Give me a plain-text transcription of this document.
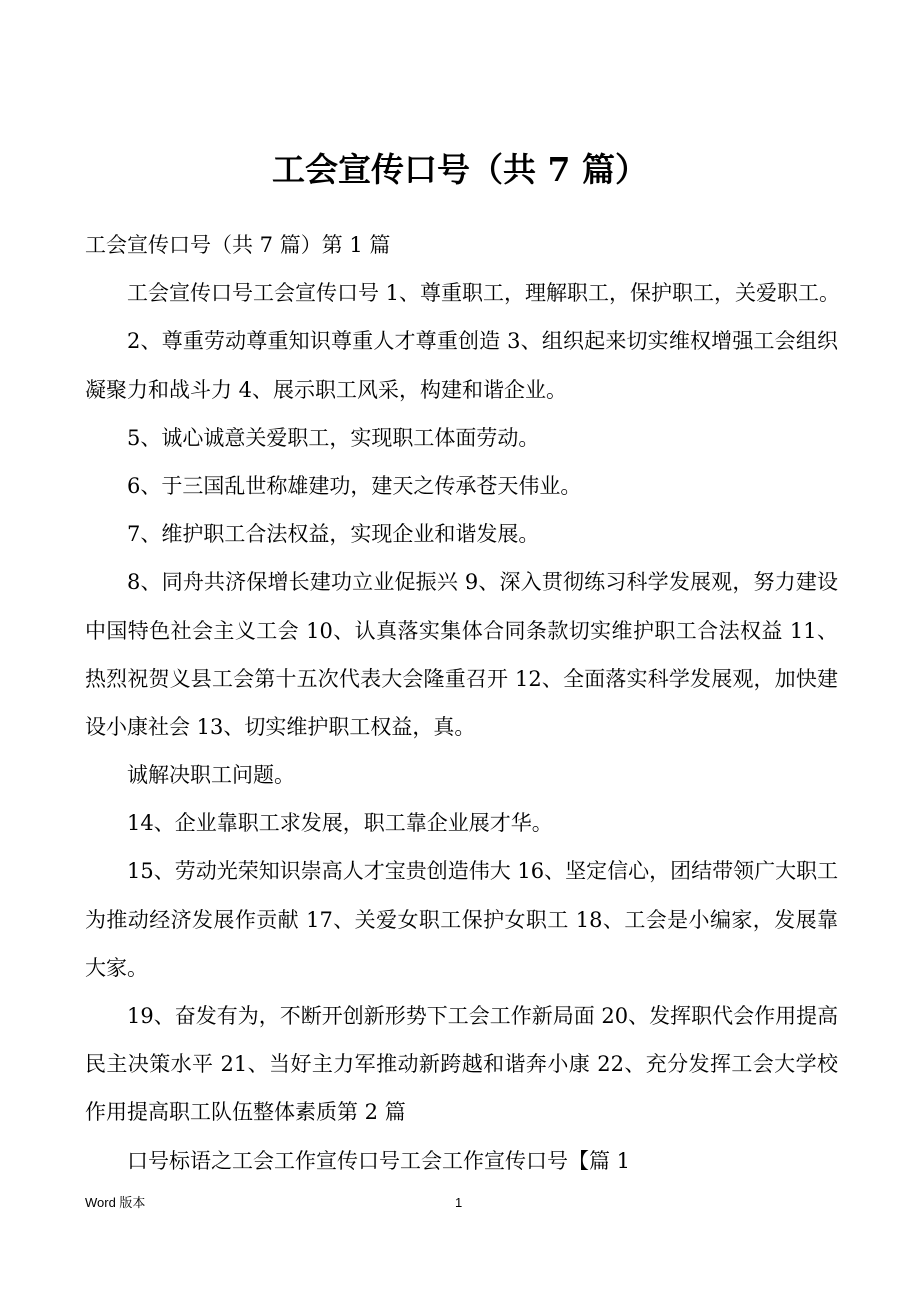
工会宣传口号（共 7 篇）
工会宣传口号（共 7 篇）第 1 篇
工会宣传口号工会宣传口号 1、尊重职工，理解职工，保护职工，关爱职工。
2、尊重劳动尊重知识尊重人才尊重创造 3、组织起来切实维权增强工会组织
凝聚力和战斗力 4、展示职工风采，构建和谐企业。
5、诚心诚意关爱职工，实现职工体面劳动。
6、于三国乱世称雄建功，建天之传承苍天伟业。
7、维护职工合法权益，实现企业和谐发展。
8、同舟共济保增长建功立业促振兴 9、深入贯彻练习科学发展观，努力建设
中国特色社会主义工会 10、认真落实集体合同条款切实维护职工合法权益 11、
热烈祝贺义县工会第十五次代表大会隆重召开 12、全面落实科学发展观，加快建
设小康社会 13、切实维护职工权益，真。
诚解决职工问题。
14、企业靠职工求发展，职工靠企业展才华。
15、劳动光荣知识崇高人才宝贵创造伟大 16、坚定信心，团结带领广大职工
为推动经济发展作贡献 17、关爱女职工保护女职工 18、工会是小编家，发展靠
大家。
19、奋发有为，不断开创新形势下工会工作新局面 20、发挥职代会作用提高
民主决策水平 21、当好主力军推动新跨越和谐奔小康 22、充分发挥工会大学校
作用提高职工队伍整体素质第 2 篇
口号标语之工会工作宣传口号工会工作宣传口号【篇 1
Word 版本	1
